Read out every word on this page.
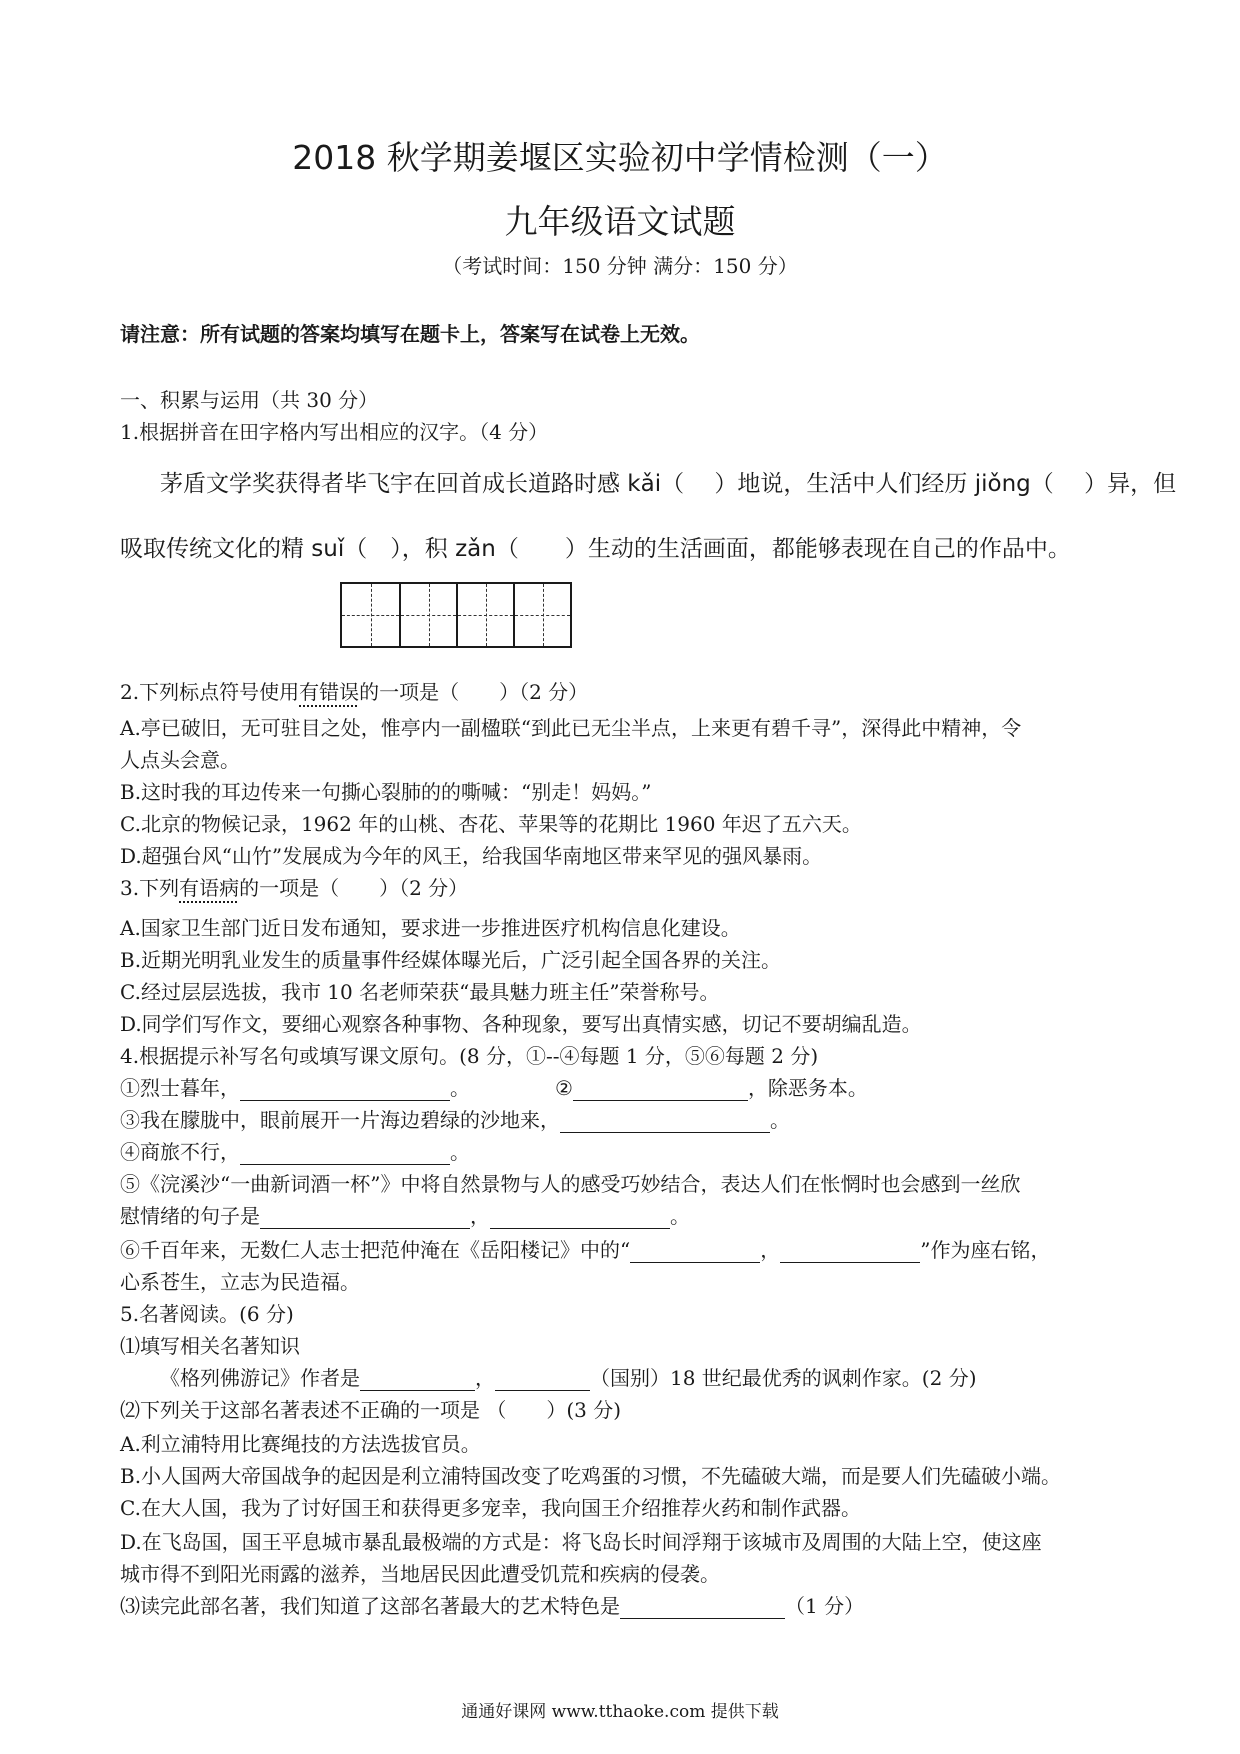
2018 秋学期姜堰区实验初中学情检测（一）
九年级语文试题
（考试时间：150 分钟 满分：150 分）
请注意：所有试题的答案均填写在题卡上，答案写在试卷上无效。
一、积累与运用（共 30 分）
1.根据拼音在田字格内写出相应的汉字。（4 分）
茅盾文学奖获得者毕飞宇在回首成长道路时感 kǎi（　 ）地说，生活中人们经历 jiǒng（　 ）异，但
吸取传统文化的精 suǐ（　），积 zǎn（　　）生动的生活画面，都能够表现在自己的作品中。
2.下列标点符号使用有错误的一项是（　　）（2 分）
A.亭已破旧，无可驻目之处，惟亭内一副楹联“到此已无尘半点，上来更有碧千寻”，深得此中精神，令
人点头会意。
B.这时我的耳边传来一句撕心裂肺的的嘶喊：“别走！妈妈。”
C.北京的物候记录，1962 年的山桃、杏花、苹果等的花期比 1960 年迟了五六天。
D.超强台风“山竹”发展成为今年的风王，给我国华南地区带来罕见的强风暴雨。
3.下列有语病的一项是（　　）（2 分）
A.国家卫生部门近日发布通知，要求进一步推进医疗机构信息化建设。
B.近期光明乳业发生的质量事件经媒体曝光后，广泛引起全国各界的关注。
C.经过层层选拔，我市 10 名老师荣获“最具魅力班主任”荣誉称号。
D.同学们写作文，要细心观察各种事物、各种现象，要写出真情实感，切记不要胡编乱造。
4.根据提示补写名句或填写课文原句。(8 分，①--④每题 1 分，⑤⑥每题 2 分)
①烈士暮年，	。	②	，除恶务本。
③我在朦胧中，眼前展开一片海边碧绿的沙地来，	。
④商旅不行，	。
⑤《浣溪沙“一曲新词酒一杯”》中将自然景物与人的感受巧妙结合，表达人们在怅惘时也会感到一丝欣
慰情绪的句子是	，	。
⑥千百年来，无数仁人志士把范仲淹在《岳阳楼记》中的“	，	”作为座右铭，
心系苍生，立志为民造福。
5.名著阅读。(6 分)
⑴填写相关名著知识
《格列佛游记》作者是	，	（国别）18 世纪最优秀的讽刺作家。(2 分)
⑵下列关于这部名著表述不正确的一项是 （　　）(3 分)
A.利立浦特用比赛绳技的方法选拔官员。
B.小人国两大帝国战争的起因是利立浦特国改变了吃鸡蛋的习惯，不先磕破大端，而是要人们先磕破小端。
C.在大人国，我为了讨好国王和获得更多宠幸，我向国王介绍推荐火药和制作武器。
D.在飞岛国，国王平息城市暴乱最极端的方式是：将飞岛长时间浮翔于该城市及周围的大陆上空，使这座
城市得不到阳光雨露的滋养，当地居民因此遭受饥荒和疾病的侵袭。
⑶读完此部名著，我们知道了这部名著最大的艺术特色是	（1 分）
通通好课网 www.tthaoke.com 提供下载
